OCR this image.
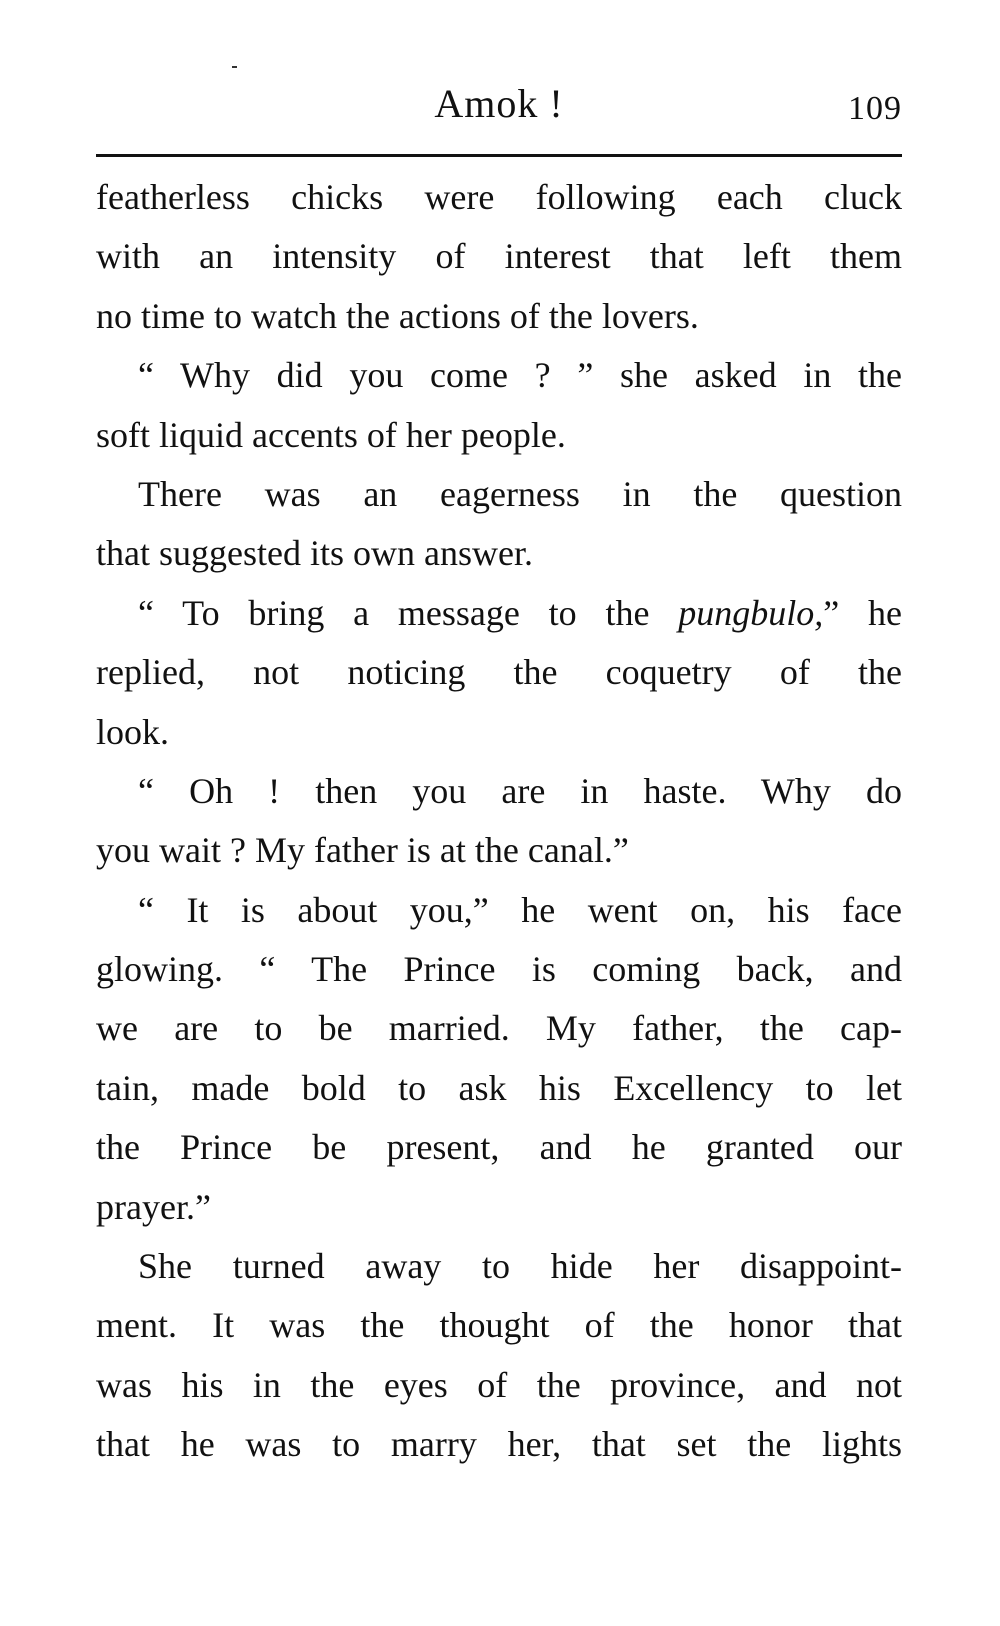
Amok !	109
featherless chicks were following each cluck
with an intensity of interest that left them
no time to watch the actions of the lovers.
“ Why did you come ? ” she asked in the
soft liquid accents of her people.
There was an eagerness in the question
that suggested its own answer.
“ To bring a message to the pungbulo,” he
replied, not noticing the coquetry of the
look.
“ Oh ! then you are in haste. Why do
you wait ? My father is at the canal.”
“ It is about you,” he went on, his face
glowing. “ The Prince is coming back, and
we are to be married. My father, the cap-
tain, made bold to ask his Excellency to let
the Prince be present, and he granted our
prayer.”
She turned away to hide her disappoint-
ment. It was the thought of the honor that
was his in the eyes of the province, and not
that he was to marry her, that set the lights
